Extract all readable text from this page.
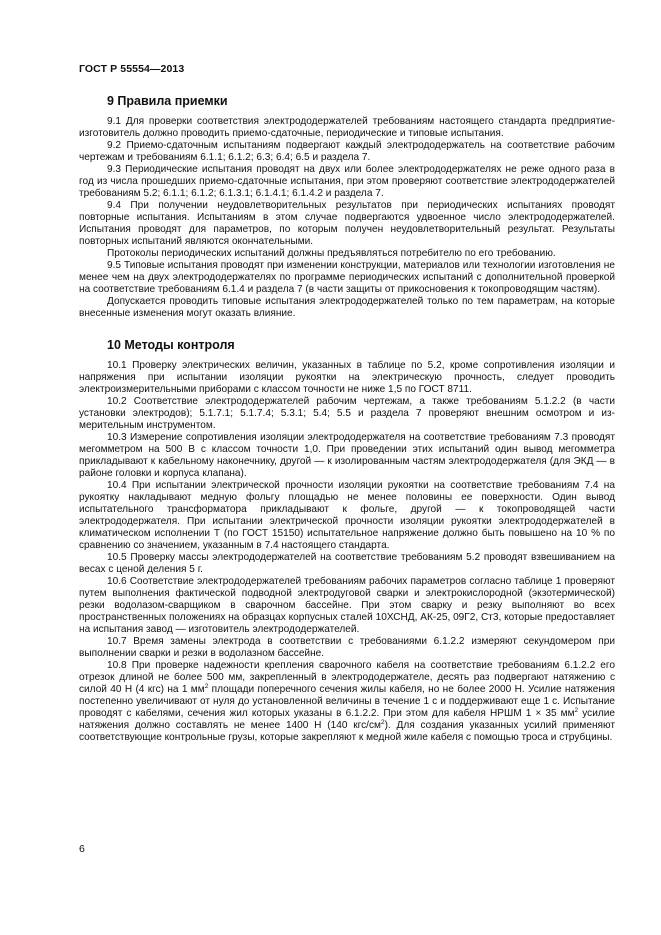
ГОСТ Р 55554—2013
9 Правила приемки

9.1 Для проверки соответствия электрододержателей требованиям настоящего стандарта предприятие-изготовитель должно проводить приемо-сдаточные, периодические и типовые испытания.

9.2 Приемо-сдаточным испытаниям подвергают каждый электрододержатель на соответствие рабочим чертежам и требованиям 6.1.1; 6.1.2; 6.3; 6.4; 6.5 и раздела 7.

9.3 Периодические испытания проводят на двух или более электрододержателях не реже одного раза в год из числа прошедших приемо-сдаточные испытания, при этом проверяют соответствие электрододержателей требованиям 5.2; 6.1.1; 6.1.2; 6.1.3.1; 6.1.4.1; 6.1.4.2 и раздела 7.

9.4 При получении неудовлетворительных результатов при периодических испытаниях проводят повторные испытания. Испытаниям в этом случае подвергаются удвоенное число электрододержателей. Испытания проводят для параметров, по которым получен неудовлетворительный результат. Результаты повторных испытаний являются окончательными.

Протоколы периодических испытаний должны предъявляться потребителю по его требованию.

9.5 Типовые испытания проводят при изменении конструкции, материалов или технологии изготовления не менее чем на двух электрододержателях по программе периодических испытаний с дополнительной проверкой на соответствие требованиям 6.1.4 и раздела 7 (в части защиты от прикосновения к токопроводящим частям).

Допускается проводить типовые испытания электрододержателей только по тем параметрам, на которые внесенные изменения могут оказать влияние.

10 Методы контроля

10.1 Проверку электрических величин, указанных в таблице по 5.2, кроме сопротивления изоляции и напряжения при испытании изоляции рукоятки на электрическую прочность, следует проводить электроизмерительными приборами с классом точности не ниже 1,5 по ГОСТ 8711.

10.2 Соответствие электрододержателей рабочим чертежам, а также требованиям 5.1.2.2 (в части установки электродов); 5.1.7.1; 5.1.7.4; 5.3.1; 5.4; 5.5 и раздела 7 проверяют внешним осмотром и измерительным инструментом.

10.3 Измерение сопротивления изоляции электрододержателя на соответствие требованиям 7.3 проводят мегомметром на 500 В с классом точности 1,0. При проведении этих испытаний один вывод мегомметра прикладывают к кабельному наконечнику, другой — к изолированным частям электрододержателя (для ЭКД — в районе головки и корпуса клапана).

10.4 При испытании электрической прочности изоляции рукоятки на соответствие требованиям 7.4 на рукоятку накладывают медную фольгу площадью не менее половины ее поверхности. Один вывод испытательного трансформатора прикладывают к фольге, другой — к токопроводящей части электрододержателя. При испытании электрической прочности изоляции рукоятки электрододержателей в климатическом исполнении Т (по ГОСТ 15150) испытательное напряжение должно быть повышено на 10 % по сравнению со значением, указанным в 7.4 настоящего стандарта.

10.5 Проверку массы электрододержателей на соответствие требованиям 5.2 проводят взвешиванием на весах с ценой деления 5 г.

10.6 Соответствие электрододержателей требованиям рабочих параметров согласно таблице 1 проверяют путем выполнения фактической подводной электродуговой сварки и электрокислородной (экзотермической) резки водолазом-сварщиком в сварочном бассейне. При этом сварку и резку выполняют во всех пространственных положениях на образцах корпусных сталей 10ХСНД, АК-25, 09Г2, Ст3, которые предоставляет на испытания завод — изготовитель электрододержателей.

10.7 Время замены электрода в соответствии с требованиями 6.1.2.2 измеряют секундомером при выполнении сварки и резки в водолазном бассейне.

10.8 При проверке надежности крепления сварочного кабеля на соответствие требованиям 6.1.2.2 его отрезок длиной не более 500 мм, закрепленный в электрододержателе, десять раз подвергают натяжению с силой 40 Н (4 кгс) на 1 $мм^2$ площади поперечного сечения жилы кабеля, но не более 2000 Н. Усилие натяжения постепенно увеличивают от нуля до установленной величины в течение 1 с и поддерживают еще 1 с. Испытание проводят с кабелями, сечения жил которых указаны в 6.1.2.2. При этом для кабеля НРШМ 1 × 35 $мм^2$ усилие натяжения должно составлять не менее 1400 Н (140 кгс/$см^2$). Для создания указанных усилий применяют соответствующие контрольные грузы, которые закрепляют к медной жиле кабеля с помощью троса и струбцины.

6
